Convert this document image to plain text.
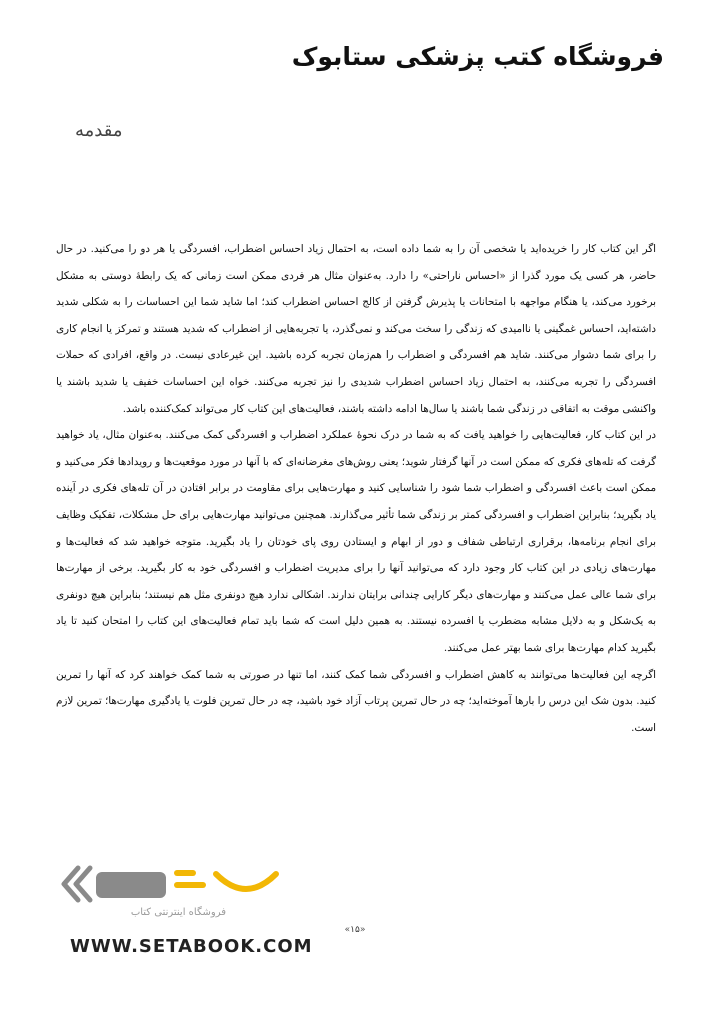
فروشگاه کتب پزشکی ستابوک
مقدمه

اگر این کتاب کار را خریده‌اید یا شخصی آن را به شما داده است، به احتمال زیاد احساس اضطراب، افسردگی یا هر دو را می‌کنید. در حال حاضر، هر کسی یک مورد گذرا از «احساس ناراحتی» را دارد. به‌عنوان مثال هر فردی ممکن است زمانی که یک رابطهٔ دوستی به مشکل برخورد می‌کند، یا هنگام مواجهه با امتحانات یا پذیرش گرفتن از کالج احساس اضطراب کند؛ اما شاید شما این احساسات را به شکلی شدید داشته‌اید، احساس غمگینی یا ناامیدی که زندگی را سخت می‌کند و نمی‌گذرد، یا تجربه‌هایی از اضطراب که شدید هستند و تمرکز یا انجام کاری را برای شما دشوار می‌کنند. شاید هم افسردگی و اضطراب را هم‌زمان تجربه کرده باشید. این غیرعادی نیست. در واقع، افرادی که حملات افسردگی را تجربه می‌کنند، به احتمال زیاد احساس اضطراب شدیدی را نیز تجربه می‌کنند. خواه این احساسات خفیف یا شدید باشند یا واکنشی موقت به اتفاقی در زندگی شما باشند یا سال‌ها ادامه داشته باشند، فعالیت‌های این کتاب کار می‌تواند کمک‌کننده باشد.

در این کتاب کار، فعالیت‌هایی را خواهید یافت که به شما در درک نحوهٔ عملکرد اضطراب و افسردگی کمک می‌کنند. به‌عنوان مثال، یاد خواهید گرفت که تله‌های فکری که ممکن است در آنها گرفتار شوید؛ یعنی روش‌های مغرضانه‌ای که با آنها در مورد موقعیت‌ها و رویدادها فکر می‌کنید و ممکن است باعث افسردگی و اضطراب شما شود را شناسایی کنید و مهارت‌هایی برای مقاومت در برابر افتادن در آن تله‌های فکری در آینده یاد بگیرید؛ بنابراین اضطراب و افسردگی کمتر بر زندگی شما تأثیر می‌گذارند. همچنین می‌توانید مهارت‌هایی برای حل مشکلات، تفکیک وظایف برای انجام برنامه‌ها، برقراری ارتباطی شفاف و دور از ابهام و ایستادن روی پای خودتان را یاد بگیرید. متوجه خواهید شد که فعالیت‌ها و مهارت‌های زیادی در این کتاب کار وجود دارد که می‌توانید آنها را برای مدیریت اضطراب و افسردگی خود به کار بگیرید. برخی از مهارت‌ها برای شما عالی عمل می‌کنند و مهارت‌های دیگر کارایی چندانی برایتان ندارند. اشکالی ندارد هیچ دونفری مثل هم نیستند؛ بنابراین هیچ دونفری به یک‌شکل و به دلایل مشابه مضطرب یا افسرده نیستند. به همین دلیل است که شما باید تمام فعالیت‌های این کتاب را امتحان کنید تا یاد بگیرید کدام مهارت‌ها برای شما بهتر عمل می‌کنند.

اگرچه این فعالیت‌ها می‌توانند به کاهش اضطراب و افسردگی شما کمک کنند، اما تنها در صورتی به شما کمک خواهند کرد که آنها را تمرین کنید. بدون شک این درس را بارها آموخته‌اید؛ چه در حال تمرین پرتاب آزاد خود باشید، چه در حال تمرین فلوت یا یادگیری مهارت‌ها؛ تمرین لازم است.

فروشگاه اینترنتی کتاب
WWW.SETABOOK.COM
«۱۵»
